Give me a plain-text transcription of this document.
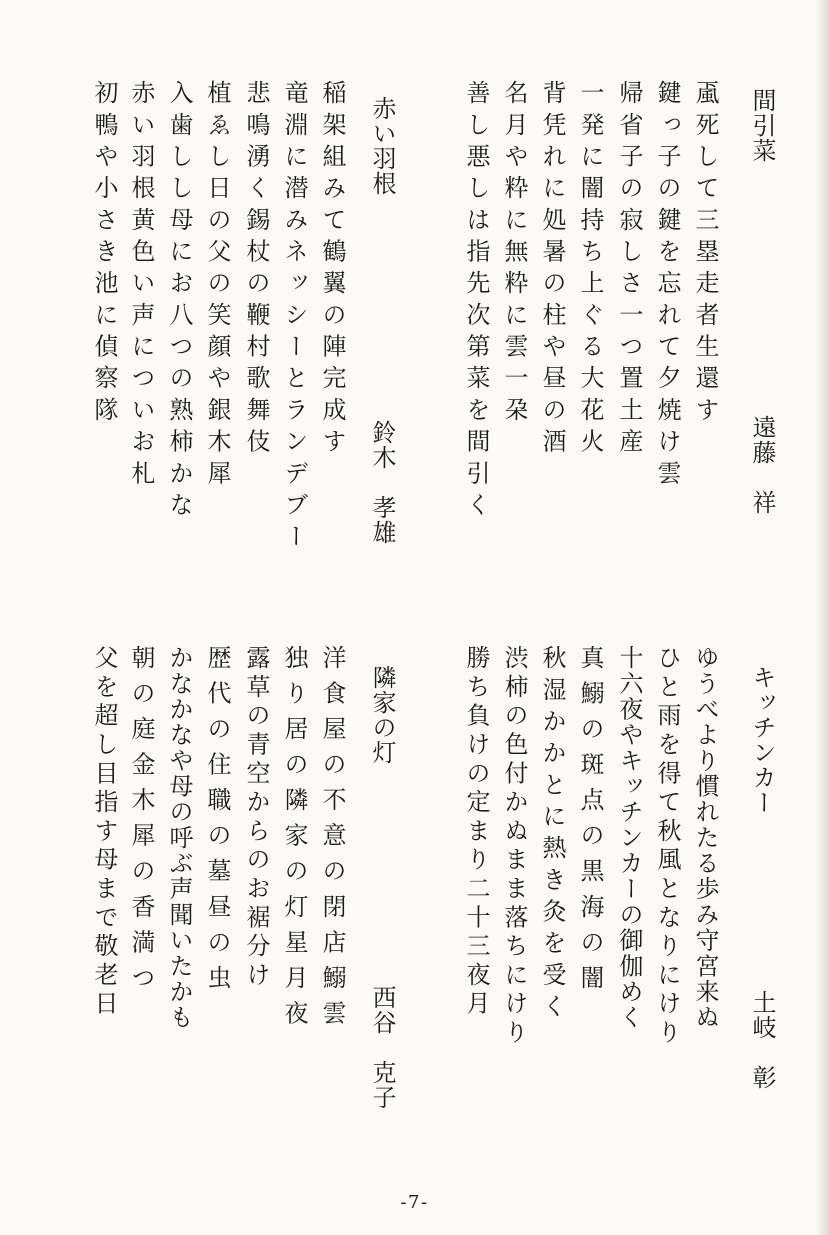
間引菜
遠藤　祥
颪死して三塁走者生還す
鍵っ子の鍵を忘れて夕焼け雲
帰省子の寂しさ一つ置土産
一発に闇持ち上ぐる大花火
背凭れに処暑の柱や昼の酒
名月や粋に無粋に雲一朶
善し悪しは指先次第菜を間引く
赤い羽根
鈴木　孝雄
稲架組みて鶴翼の陣完成す
竜淵に潜みネッシーとランデブー
悲鳴湧く錫杖の鞭村歌舞伎
植ゑし日の父の笑顔や銀木犀
入歯しし母にお八つの熟柿かな
赤い羽根黄色い声についお札
初鴨や小さき池に偵察隊
キッチンカー
土岐　彰
ゆうべより慣れたる歩み守宮来ぬ
ひと雨を得て秋風となりにけり
十六夜やキッチンカーの御伽めく
真鰯の斑点の黒海の闇
秋湿かかとに熱き灸を受く
渋柿の色付かぬまま落ちにけり
勝ち負けの定まり二十三夜月
隣家の灯
西谷　克子
洋食屋の不意の閉店鰯雲
独り居の隣家の灯星月夜
露草の青空からのお裾分け
歴代の住職の墓昼の虫
かなかなや母の呼ぶ声聞いたかも
朝の庭金木犀の香満つ
父を超し目指す母まで敬老日
-7-
